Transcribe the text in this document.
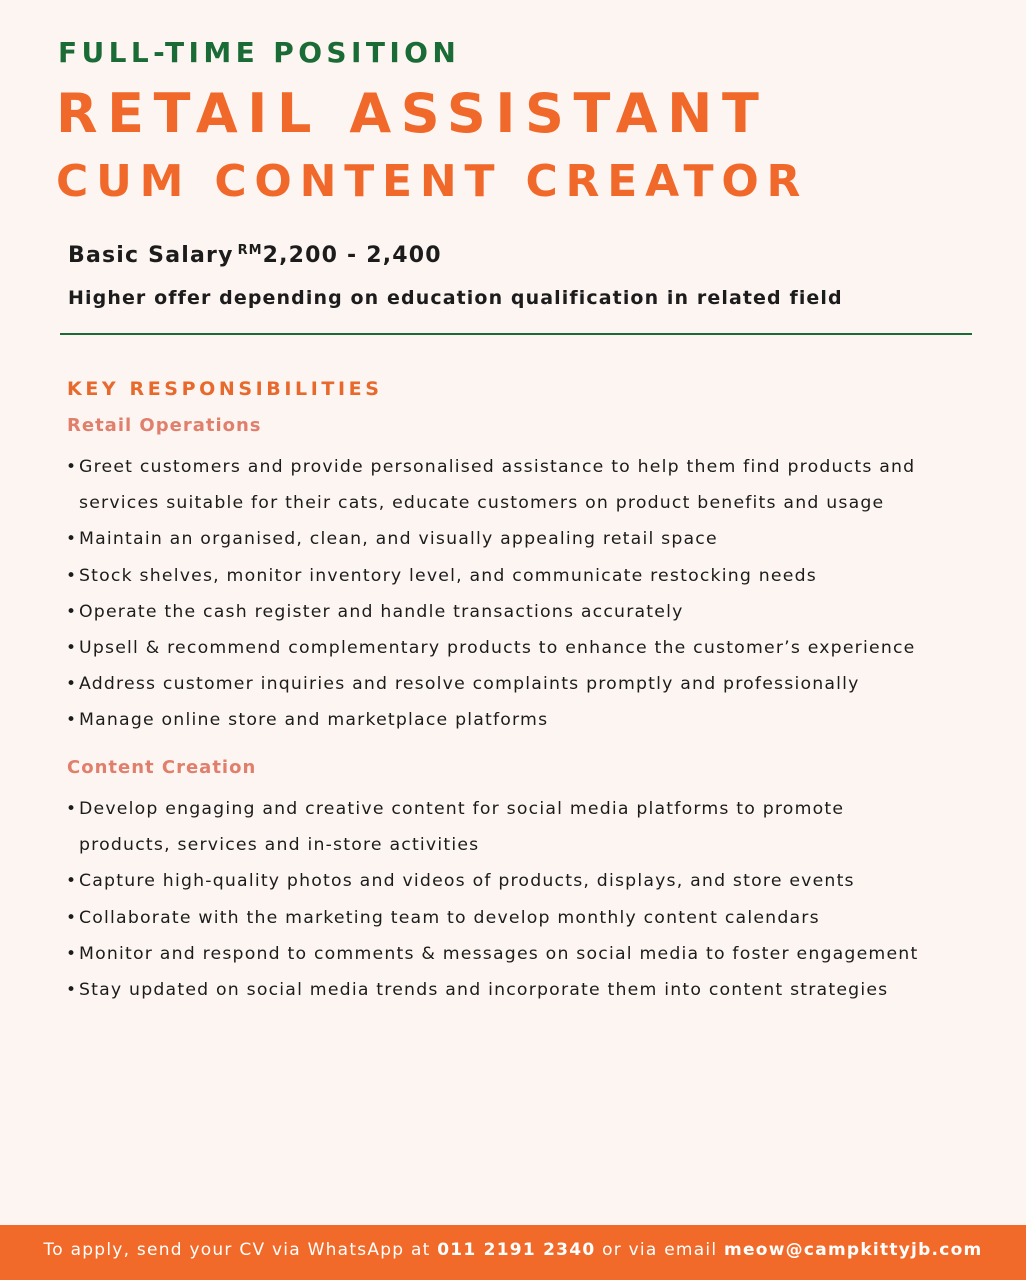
FULL-TIME POSITION
RETAIL ASSISTANT
CUM CONTENT CREATOR
Basic Salary $^{RM}$2,200 - 2,400
Higher offer depending on education qualification in related field
KEY RESPONSIBILITIES
Retail Operations
• Greet customers and provide personalised assistance to help them find products and
services suitable for their cats, educate customers on product benefits and usage
• Maintain an organised, clean, and visually appealing retail space
• Stock shelves, monitor inventory level, and communicate restocking needs
• Operate the cash register and handle transactions accurately
• Upsell & recommend complementary products to enhance the customer’s experience
• Address customer inquiries and resolve complaints promptly and professionally
• Manage online store and marketplace platforms
Content Creation
• Develop engaging and creative content for social media platforms to promote
products, services and in-store activities
• Capture high-quality photos and videos of products, displays, and store events
• Collaborate with the marketing team to develop monthly content calendars
• Monitor and respond to comments & messages on social media to foster engagement
• Stay updated on social media trends and incorporate them into content strategies
To apply, send your CV via WhatsApp at 011 2191 2340 or via email meow@campkittyjb.com
